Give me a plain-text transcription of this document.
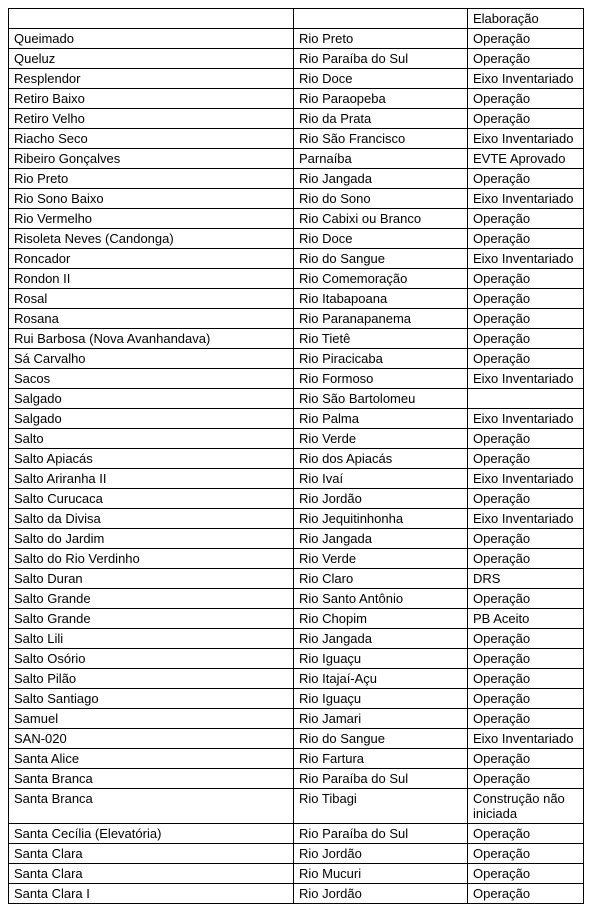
		Elaboração
Queimado	Rio Preto	Operação
Queluz	Rio Paraíba do Sul	Operação
Resplendor	Rio Doce	Eixo Inventariado
Retiro Baixo	Rio Paraopeba	Operação
Retiro Velho	Rio da Prata	Operação
Riacho Seco	Rio São Francisco	Eixo Inventariado
Ribeiro Gonçalves	Parnaíba	EVTE Aprovado
Rio Preto	Rio Jangada	Operação
Rio Sono Baixo	Rio do Sono	Eixo Inventariado
Rio Vermelho	Rio Cabixi ou Branco	Operação
Risoleta Neves (Candonga)	Rio Doce	Operação
Roncador	Rio do Sangue	Eixo Inventariado
Rondon II	Rio Comemoração	Operação
Rosal	Rio Itabapoana	Operação
Rosana	Rio Paranapanema	Operação
Rui Barbosa (Nova Avanhandava)	Rio Tietê	Operação
Sá Carvalho	Rio Piracicaba	Operação
Sacos	Rio Formoso	Eixo Inventariado
Salgado	Rio São Bartolomeu	
Salgado	Rio Palma	Eixo Inventariado
Salto	Rio Verde	Operação
Salto Apiacás	Rio dos Apiacás	Operação
Salto Ariranha II	Rio Ivaí	Eixo Inventariado
Salto Curucaca	Rio Jordão	Operação
Salto da Divisa	Rio Jequitinhonha	Eixo Inventariado
Salto do Jardim	Rio Jangada	Operação
Salto do Rio Verdinho	Rio Verde	Operação
Salto Duran	Rio Claro	DRS
Salto Grande	Rio Santo Antônio	Operação
Salto Grande	Rio Chopim	PB Aceito
Salto Lili	Rio Jangada	Operação
Salto Osório	Rio Iguaçu	Operação
Salto Pilão	Rio Itajaí-Açu	Operação
Salto Santiago	Rio Iguaçu	Operação
Samuel	Rio Jamari	Operação
SAN-020	Rio do Sangue	Eixo Inventariado
Santa Alice	Rio Fartura	Operação
Santa Branca	Rio Paraíba do Sul	Operação
Santa Branca	Rio Tibagi	Construção não iniciada
Santa Cecília (Elevatória)	Rio Paraíba do Sul	Operação
Santa Clara	Rio Jordão	Operação
Santa Clara	Rio Mucuri	Operação
Santa Clara I	Rio Jordão	Operação
